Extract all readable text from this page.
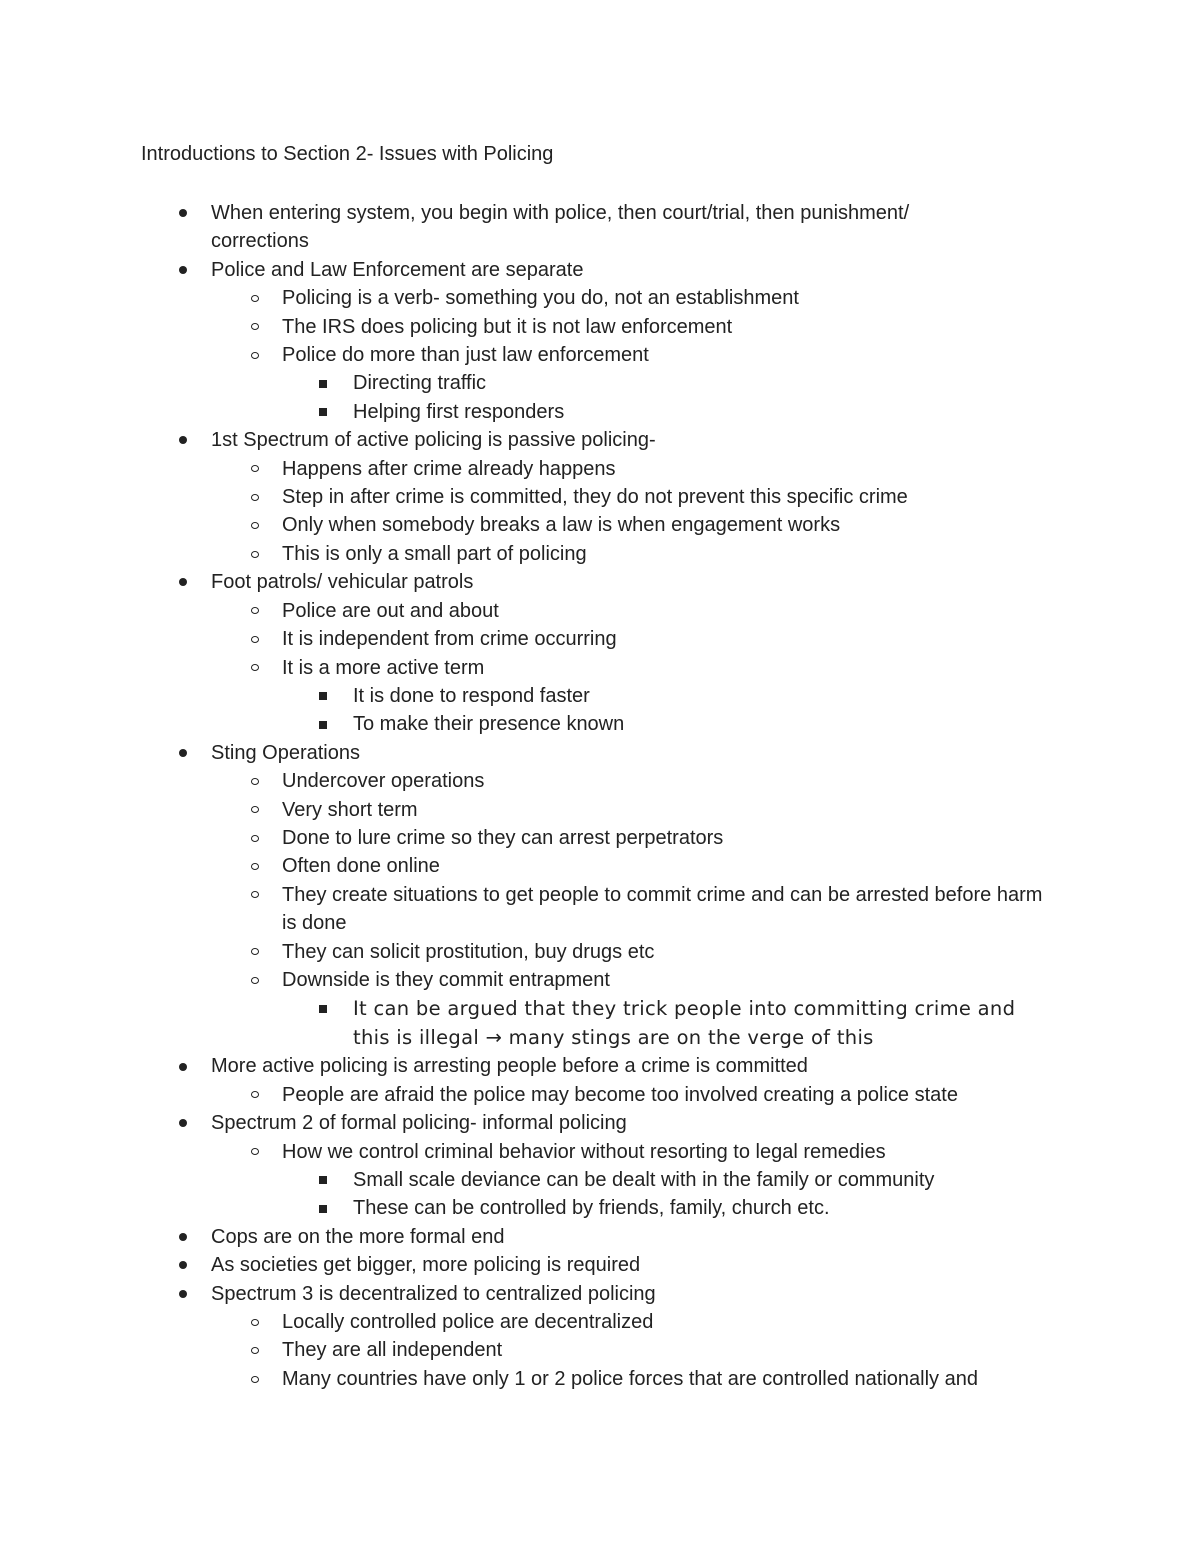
Introductions to Section 2- Issues with Policing
When entering system, you begin with police, then court/trial, then punishment/ corrections
Police and Law Enforcement are separate
Policing is a verb- something you do, not an establishment
The IRS does policing but it is not law enforcement
Police do more than just law enforcement
Directing traffic
Helping first responders
1st Spectrum of active policing is passive policing-
Happens after crime already happens
Step in after crime is committed, they do not prevent this specific crime
Only when somebody breaks a law is when engagement works
This is only a small part of policing
Foot patrols/ vehicular patrols
Police are out and about
It is independent from crime occurring
It is a more active term
It is done to respond faster
To make their presence known
Sting Operations
Undercover operations
Very short term
Done to lure crime so they can arrest perpetrators
Often done online
They create situations to get people to commit crime and can be arrested before harm is done
They can solicit prostitution, buy drugs etc
Downside is they commit entrapment
It can be argued that they trick people into committing crime and this is illegal → many stings are on the verge of this
More active policing is arresting people before a crime is committed
People are afraid the police may become too involved creating a police state
Spectrum 2 of formal policing- informal policing
How we control criminal behavior without resorting to legal remedies
Small scale deviance can be dealt with in the family or community
These can be controlled by friends, family, church etc.
Cops are on the more formal end
As societies get bigger, more policing is required
Spectrum 3 is decentralized to centralized policing
Locally controlled police are decentralized
They are all independent
Many countries have only 1 or 2 police forces that are controlled nationally and
